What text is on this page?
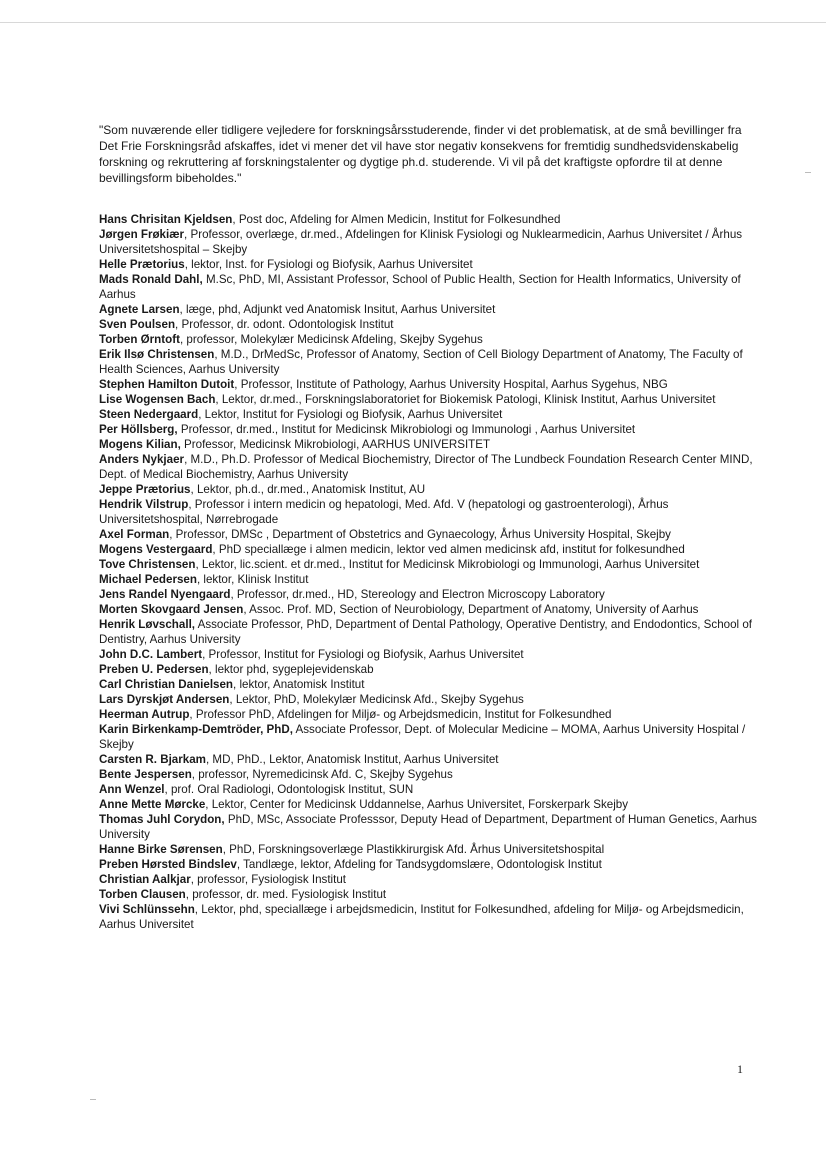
"Som nuværende eller tidligere vejledere for forskningsårsstuderende, finder vi det problematisk, at de små bevillinger fra Det Frie Forskningsråd afskaffes, idet vi mener det vil have stor negativ konsekvens for fremtidig sundhedsvidenskabelig forskning og rekruttering af forskningstalenter og dygtige ph.d. studerende. Vi vil på det kraftigste opfordre til at denne bevillingsform bibeholdes."

Hans Chrisitan Kjeldsen, Post doc, Afdeling for Almen Medicin, Institut for Folkesundhed
Jørgen Frøkiær, Professor, overlæge, dr.med., Afdelingen for Klinisk Fysiologi og Nuklearmedicin, Aarhus Universitet / Århus Universitetshospital – Skejby
Helle Prætorius, lektor, Inst. for Fysiologi og Biofysik, Aarhus Universitet
Mads Ronald Dahl, M.Sc, PhD, MI, Assistant Professor, School of Public Health, Section for Health Informatics, University of Aarhus
Agnete Larsen, læge, phd, Adjunkt ved Anatomisk Insitut, Aarhus Universitet
Sven Poulsen, Professor, dr. odont. Odontologisk Institut
Torben Ørntoft, professor, Molekylær Medicinsk Afdeling, Skejby Sygehus
Erik Ilsø Christensen, M.D., DrMedSc, Professor of Anatomy, Section of Cell Biology Department of Anatomy, The Faculty of Health Sciences, Aarhus University
Stephen Hamilton Dutoit, Professor, Institute of Pathology, Aarhus University Hospital, Aarhus Sygehus, NBG
Lise Wogensen Bach, Lektor, dr.med., Forskningslaboratoriet for Biokemisk Patologi, Klinisk Institut, Aarhus Universitet
Steen Nedergaard, Lektor, Institut for Fysiologi og Biofysik, Aarhus Universitet
Per Höllsberg, Professor, dr.med., Institut for Medicinsk Mikrobiologi og Immunologi , Aarhus Universitet
Mogens Kilian, Professor, Medicinsk Mikrobiologi, AARHUS UNIVERSITET
Anders Nykjaer, M.D., Ph.D. Professor of Medical Biochemistry, Director of The Lundbeck Foundation Research Center MIND, Dept. of Medical Biochemistry, Aarhus University
Jeppe Prætorius, Lektor, ph.d., dr.med., Anatomisk Institut, AU
Hendrik Vilstrup, Professor i intern medicin og hepatologi, Med. Afd. V (hepatologi og gastroenterologi), Århus Universitetshospital, Nørrebrogade
Axel Forman, Professor, DMSc , Department of Obstetrics and Gynaecology, Århus University Hospital, Skejby
Mogens Vestergaard, PhD speciallæge i almen medicin, lektor ved almen medicinsk afd, institut for folkesundhed
Tove Christensen, Lektor, lic.scient. et dr.med., Institut for Medicinsk Mikrobiologi og Immunologi, Aarhus Universitet
Michael Pedersen, lektor, Klinisk Institut
Jens Randel Nyengaard, Professor, dr.med., HD, Stereology and Electron Microscopy Laboratory
Morten Skovgaard Jensen, Assoc. Prof. MD, Section of Neurobiology, Department of Anatomy, University of Aarhus
Henrik Løvschall, Associate Professor, PhD, Department of Dental Pathology, Operative Dentistry, and Endodontics, School of Dentistry, Aarhus University
John D.C. Lambert, Professor, Institut for Fysiologi og Biofysik, Aarhus Universitet
Preben U. Pedersen, lektor phd, sygeplejevidenskab
Carl Christian Danielsen, lektor, Anatomisk Institut
Lars Dyrskjøt Andersen, Lektor, PhD, Molekylær Medicinsk Afd., Skejby Sygehus
Heerman Autrup, Professor PhD, Afdelingen for Miljø- og Arbejdsmedicin, Institut for Folkesundhed
Karin Birkenkamp-Demtröder, PhD, Associate Professor, Dept. of Molecular Medicine – MOMA, Aarhus University Hospital / Skejby
Carsten R. Bjarkam, MD, PhD., Lektor, Anatomisk Institut, Aarhus Universitet
Bente Jespersen, professor, Nyremedicinsk Afd. C, Skejby Sygehus
Ann Wenzel, prof. Oral Radiologi, Odontologisk Institut, SUN
Anne Mette Mørcke, Lektor, Center for Medicinsk Uddannelse, Aarhus Universitet, Forskerpark Skejby
Thomas Juhl Corydon, PhD, MSc, Associate Professsor, Deputy Head of Department, Department of Human Genetics, Aarhus University
Hanne Birke Sørensen, PhD, Forskningsoverlæge Plastikkirurgisk Afd. Århus Universitetshospital
Preben Hørsted Bindslev, Tandlæge, lektor, Afdeling for Tandsygdomslære, Odontologisk Institut
Christian Aalkjar, professor, Fysiologisk Institut
Torben Clausen, professor, dr. med. Fysiologisk Institut
Vivi Schlünssehn, Lektor, phd, speciallæge i arbejdsmedicin, Institut for Folkesundhed, afdeling for Miljø- og Arbejdsmedicin, Aarhus Universitet
1
